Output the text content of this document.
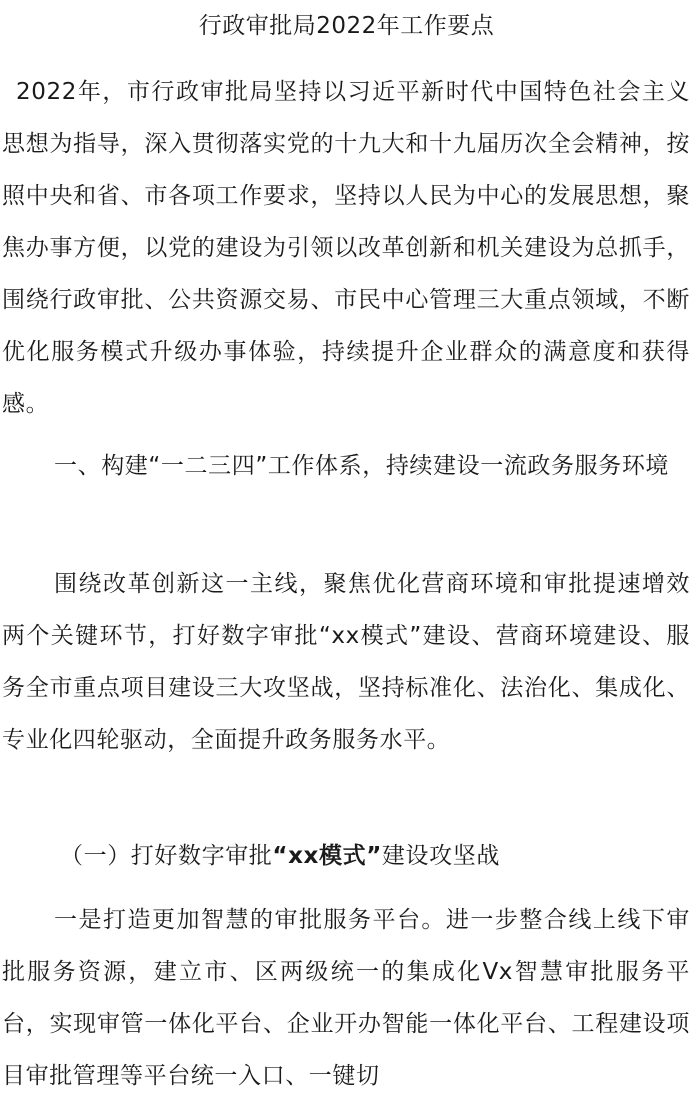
行政审批局2022年工作要点
2022年，市行政审批局坚持以习近平新时代中国特色社会主义思想为指导，深入贯彻落实党的十九大和十九届历次全会精神，按照中央和省、市各项工作要求，坚持以人民为中心的发展思想，聚焦办事方便，以党的建设为引领以改革创新和机关建设为总抓手，围绕行政审批、公共资源交易、市民中心管理三大重点领域，不断优化服务模式升级办事体验，持续提升企业群众的满意度和获得感。
一、构建“一二三四”工作体系，持续建设一流政务服务环境
围绕改革创新这一主线，聚焦优化营商环境和审批提速增效两个关键环节，打好数字审批“xx模式”建设、营商环境建设、服务全市重点项目建设三大攻坚战，坚持标准化、法治化、集成化、专业化四轮驱动，全面提升政务服务水平。
（一）打好数字审批“xx模式”建设攻坚战
一是打造更加智慧的审批服务平台。进一步整合线上线下审批服务资源，建立市、区两级统一的集成化Vx智慧审批服务平台，实现审管一体化平台、企业开办智能一体化平台、工程建设项目审批管理等平台统一入口、一键切
